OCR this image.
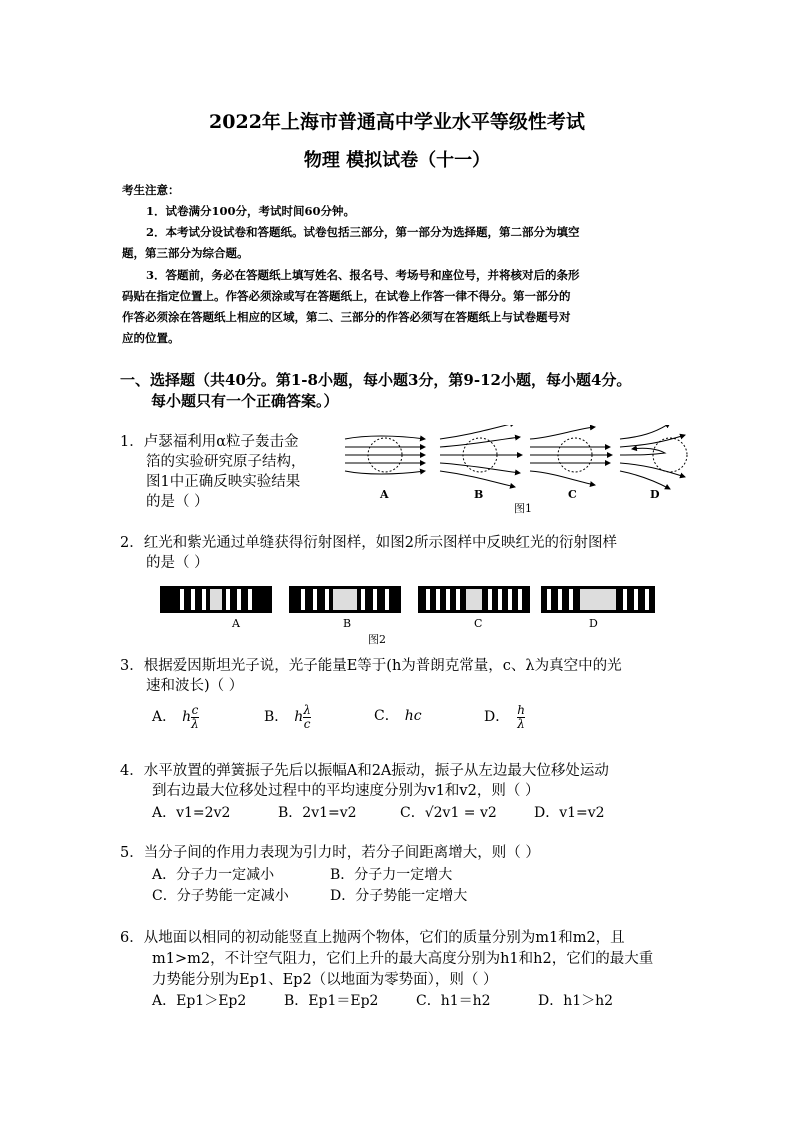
2022年上海市普通高中学业水平等级性考试
物理 模拟试卷（十一）
考生注意：
1．试卷满分100分，考试时间60分钟。
2．本考试分设试卷和答题纸。试卷包括三部分，第一部分为选择题，第二部分为填空
题，第三部分为综合题。
3．答题前，务必在答题纸上填写姓名、报名号、考场号和座位号，并将核对后的条形
码贴在指定位置上。作答必须涂或写在答题纸上，在试卷上作答一律不得分。第一部分的
作答必须涂在答题纸上相应的区域，第二、三部分的作答必须写在答题纸上与试卷题号对
应的位置。
一、选择题（共40分。第1-8小题，每小题3分，第9-12小题，每小题4分。
每小题只有一个正确答案。）
1．卢瑟福利用α粒子轰击金
箔的实验研究原子结构，
图1中正确反映实验结果
的是（ ）	A	B	C	D
图1
2．红光和紫光通过单缝获得衍射图样，如图2所示图样中反映红光的衍射图样
的是（ ）
A	B	C	D
图2
3．根据爱因斯坦光子说，光子能量E等于(h为普朗克常量，c、λ为真空中的光
速和波长)（ ）
A． h $\frac{c}{\lambda}$	B． h $\frac{\lambda}{c}$	C． hc	D． $\frac{h}{\lambda}$
4．水平放置的弹簧振子先后以振幅A和2A振动，振子从左边最大位移处运动
到右边最大位移处过程中的平均速度分别为v1和v2，则（ ）
A．v1=2v2	B．2v1=v2	C．√2v1 = v2	D．v1=v2
5．当分子间的作用力表现为引力时，若分子间距离增大，则（ ）
A．分子力一定减小	B．分子力一定增大
C．分子势能一定减小	D．分子势能一定增大
6．从地面以相同的初动能竖直上抛两个物体，它们的质量分别为m1和m2，且
m1>m2，不计空气阻力，它们上升的最大高度分别为h1和h2，它们的最大重
力势能分别为Ep1、Ep2（以地面为零势面），则（ ）
A．Ep1＞Ep2	B．Ep1＝Ep2	C．h1＝h2	D．h1＞h2
